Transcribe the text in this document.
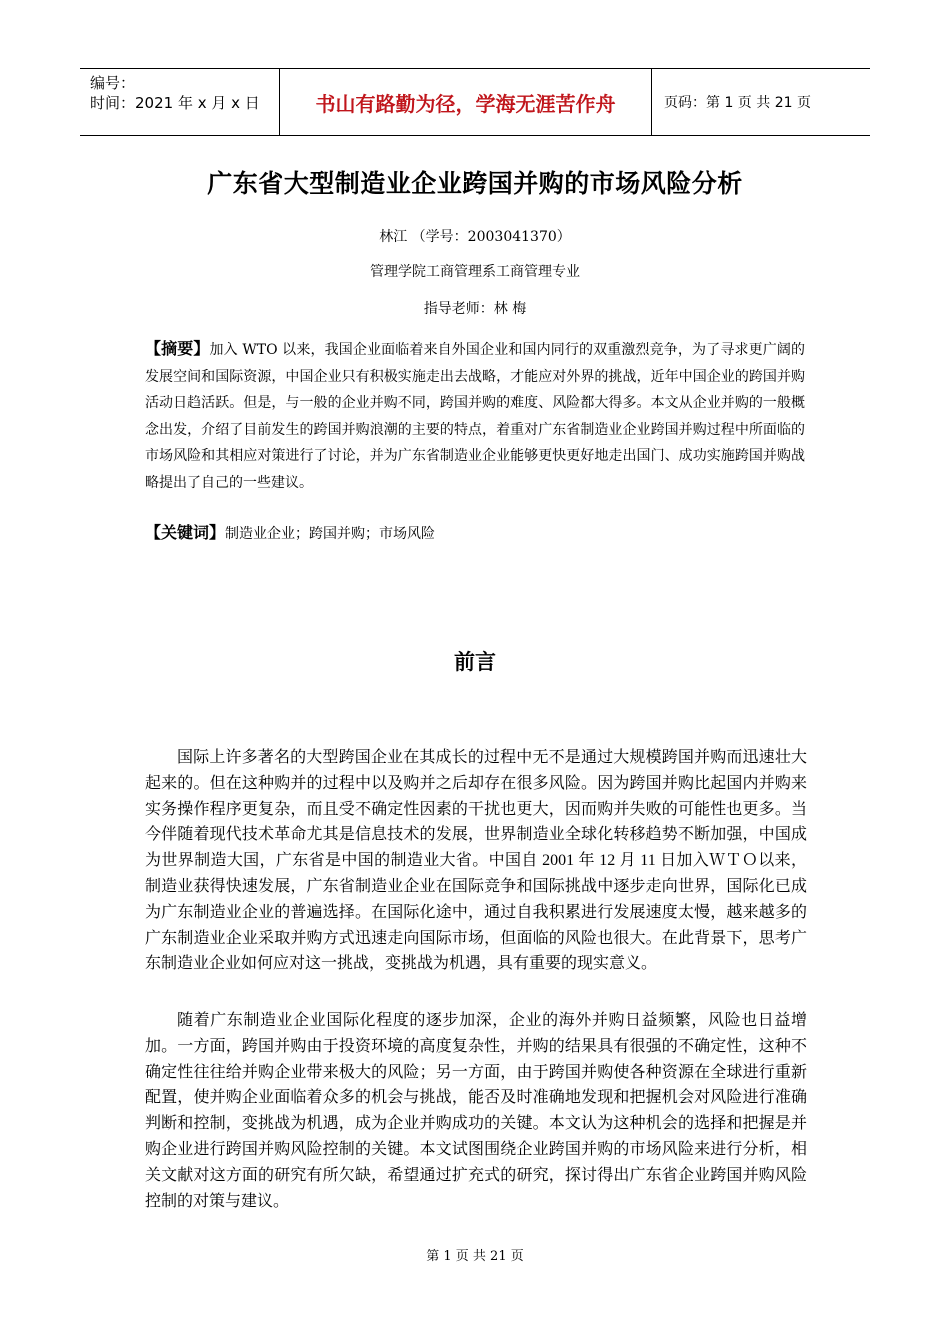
编号：
时间：2021 年 x 月 x 日	书山有路勤为径，学海无涯苦作舟	页码：第 1 页 共 21 页
广东省大型制造业企业跨国并购的市场风险分析
林江 （学号：2003041370）
管理学院工商管理系工商管理专业
指导老师：林 梅
【摘要】加入 WTO 以来，我国企业面临着来自外国企业和国内同行的双重激烈竞争，为了寻求更广阔的发展空间和国际资源，中国企业只有积极实施走出去战略，才能应对外界的挑战，近年中国企业的跨国并购活动日趋活跃。但是，与一般的企业并购不同，跨国并购的难度、风险都大得多。本文从企业并购的一般概念出发，介绍了目前发生的跨国并购浪潮的主要的特点，着重对广东省制造业企业跨国并购过程中所面临的市场风险和其相应对策进行了讨论，并为广东省制造业企业能够更快更好地走出国门、成功实施跨国并购战略提出了自己的一些建议。
【关键词】制造业企业；跨国并购；市场风险
前言

国际上许多著名的大型跨国企业在其成长的过程中无不是通过大规模跨国并购而迅速壮大起来的。但在这种购并的过程中以及购并之后却存在很多风险。因为跨国并购比起国内并购来实务操作程序更复杂，而且受不确定性因素的干扰也更大，因而购并失败的可能性也更多。当今伴随着现代技术革命尤其是信息技术的发展，世界制造业全球化转移趋势不断加强，中国成为世界制造大国，广东省是中国的制造业大省。中国自 2001 年 12 月 11 日加入ＷＴＯ以来，制造业获得快速发展，广东省制造业企业在国际竞争和国际挑战中逐步走向世界，国际化已成为广东制造业企业的普遍选择。在国际化途中，通过自我积累进行发展速度太慢，越来越多的广东制造业企业采取并购方式迅速走向国际市场，但面临的风险也很大。在此背景下，思考广东制造业企业如何应对这一挑战，变挑战为机遇，具有重要的现实意义。

随着广东制造业企业国际化程度的逐步加深，企业的海外并购日益频繁，风险也日益增加。一方面，跨国并购由于投资环境的高度复杂性，并购的结果具有很强的不确定性，这种不确定性往往给并购企业带来极大的风险；另一方面，由于跨国并购使各种资源在全球进行重新配置，使并购企业面临着众多的机会与挑战，能否及时准确地发现和把握机会对风险进行准确判断和控制，变挑战为机遇，成为企业并购成功的关键。本文认为这种机会的选择和把握是并购企业进行跨国并购风险控制的关键。本文试图围绕企业跨国并购的市场风险来进行分析，相关文献对这方面的研究有所欠缺，希望通过扩充式的研究，探讨得出广东省企业跨国并购风险控制的对策与建议。

第 1 页 共 21 页
